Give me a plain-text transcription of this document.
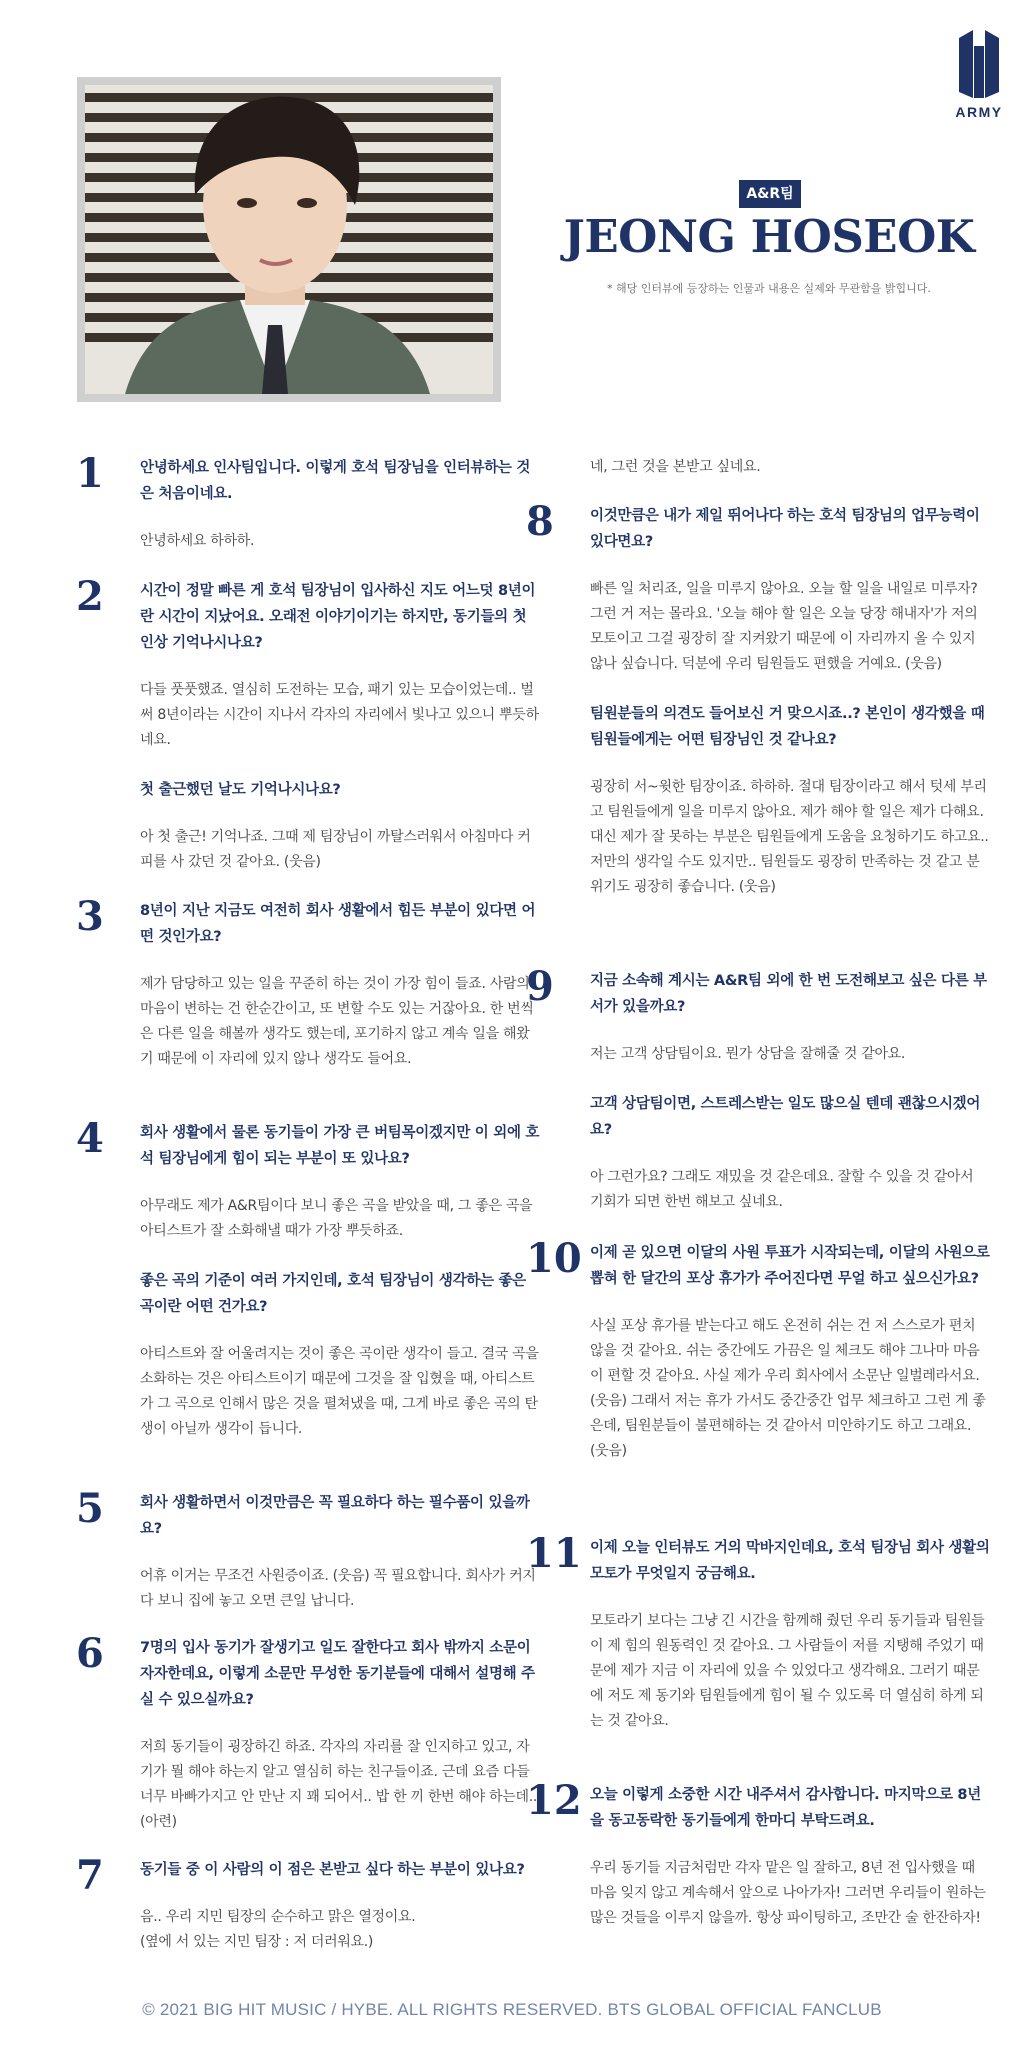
ARMY
A&R팀
JEONG HOSEOK
* 해당 인터뷰에 등장하는 인물과 내용은 실제와 무관함을 밝힙니다.
1	안녕하세요 인사팀입니다. 이렇게 호석 팀장님을 인터뷰하는 것은 처음이네요.

안녕하세요 하하하.

2	시간이 정말 빠른 게 호석 팀장님이 입사하신 지도 어느덧 8년이란 시간이 지났어요. 오래전 이야기이기는 하지만, 동기들의 첫인상 기억나시나요?

다들 풋풋했죠. 열심히 도전하는 모습, 패기 있는 모습이었는데.. 벌써 8년이라는 시간이 지나서 각자의 자리에서 빛나고 있으니 뿌듯하네요.

첫 출근했던 날도 기억나시나요?

아 첫 출근! 기억나죠. 그때 제 팀장님이 까탈스러워서 아침마다 커피를 사 갔던 것 같아요. (웃음)

3	8년이 지난 지금도 여전히 회사 생활에서 힘든 부분이 있다면 어떤 것인가요?

제가 담당하고 있는 일을 꾸준히 하는 것이 가장 힘이 들죠. 사람의 마음이 변하는 건 한순간이고, 또 변할 수도 있는 거잖아요. 한 번씩은 다른 일을 해볼까 생각도 했는데, 포기하지 않고 계속 일을 해왔기 때문에 이 자리에 있지 않나 생각도 들어요.

4	회사 생활에서 물론 동기들이 가장 큰 버팀목이겠지만 이 외에 호석 팀장님에게 힘이 되는 부분이 또 있나요?

아무래도 제가 A&R팀이다 보니 좋은 곡을 받았을 때, 그 좋은 곡을 아티스트가 잘 소화해낼 때가 가장 뿌듯하죠.

좋은 곡의 기준이 여러 가지인데, 호석 팀장님이 생각하는 좋은 곡이란 어떤 건가요?

아티스트와 잘 어울려지는 것이 좋은 곡이란 생각이 들고. 결국 곡을 소화하는 것은 아티스트이기 때문에 그것을 잘 입혔을 때, 아티스트가 그 곡으로 인해서 많은 것을 펼쳐냈을 때, 그게 바로 좋은 곡의 탄생이 아닐까 생각이 듭니다.

5	회사 생활하면서 이것만큼은 꼭 필요하다 하는 필수품이 있을까요?

어휴 이거는 무조건 사원증이죠. (웃음) 꼭 필요합니다. 회사가 커지다 보니 집에 놓고 오면 큰일 납니다.

6	7명의 입사 동기가 잘생기고 일도 잘한다고 회사 밖까지 소문이 자자한데요, 이렇게 소문만 무성한 동기분들에 대해서 설명해 주실 수 있으실까요?

저희 동기들이 굉장하긴 하죠. 각자의 자리를 잘 인지하고 있고, 자기가 뭘 해야 하는지 알고 열심히 하는 친구들이죠. 근데 요즘 다들 너무 바빠가지고 안 만난 지 꽤 되어서.. 밥 한 끼 한번 해야 하는데.. (아련)

7	동기들 중 이 사람의 이 점은 본받고 싶다 하는 부분이 있나요?

음.. 우리 지민 팀장의 순수하고 맑은 열정이요.

(옆에 서 있는 지민 팀장 : 저 더러워요.)

네, 그런 것을 본받고 싶네요.

8	이것만큼은 내가 제일 뛰어나다 하는 호석 팀장님의 업무능력이 있다면요?

빠른 일 처리죠, 일을 미루지 않아요. 오늘 할 일을 내일로 미루자? 그런 거 저는 몰라요. '오늘 해야 할 일은 오늘 당장 해내자'가 저의 모토이고 그걸 굉장히 잘 지켜왔기 때문에 이 자리까지 올 수 있지 않나 싶습니다. 덕분에 우리 팀원들도 편했을 거예요. (웃음)

팀원분들의 의견도 들어보신 거 맞으시죠..? 본인이 생각했을 때 팀원들에게는 어떤 팀장님인 것 같나요?

굉장히 서~윗한 팀장이죠. 하하하. 절대 팀장이라고 해서 텃세 부리고 팀원들에게 일을 미루지 않아요. 제가 해야 할 일은 제가 다해요. 대신 제가 잘 못하는 부분은 팀원들에게 도움을 요청하기도 하고요.. 저만의 생각일 수도 있지만.. 팀원들도 굉장히 만족하는 것 같고 분위기도 굉장히 좋습니다. (웃음)

9	지금 소속해 계시는 A&R팀 외에 한 번 도전해보고 싶은 다른 부서가 있을까요?

저는 고객 상담팀이요. 뭔가 상담을 잘해줄 것 같아요.

고객 상담팀이면, 스트레스받는 일도 많으실 텐데 괜찮으시겠어요?

아 그런가요? 그래도 재밌을 것 같은데요. 잘할 수 있을 것 같아서 기회가 되면 한번 해보고 싶네요.

10 이제 곧 있으면 이달의 사원 투표가 시작되는데, 이달의 사원으로 뽑혀 한 달간의 포상 휴가가 주어진다면 무얼 하고 싶으신가요?

사실 포상 휴가를 받는다고 해도 온전히 쉬는 건 저 스스로가 편치 않을 것 같아요. 쉬는 중간에도 가끔은 일 체크도 해야 그나마 마음이 편할 것 같아요. 사실 제가 우리 회사에서 소문난 일벌레라서요. (웃음) 그래서 저는 휴가 가서도 중간중간 업무 체크하고 그런 게 좋은데, 팀원분들이 불편해하는 것 같아서 미안하기도 하고 그래요. (웃음)

11 이제 오늘 인터뷰도 거의 막바지인데요, 호석 팀장님 회사 생활의 모토가 무엇일지 궁금해요.

모토라기 보다는 그냥 긴 시간을 함께해 줬던 우리 동기들과 팀원들이 제 힘의 원동력인 것 같아요. 그 사람들이 저를 지탱해 주었기 때문에 제가 지금 이 자리에 있을 수 있었다고 생각해요. 그러기 때문에 저도 제 동기와 팀원들에게 힘이 될 수 있도록 더 열심히 하게 되는 것 같아요.

12 오늘 이렇게 소중한 시간 내주셔서 감사합니다. 마지막으로 8년을 동고동락한 동기들에게 한마디 부탁드려요.

우리 동기들 지금처럼만 각자 맡은 일 잘하고, 8년 전 입사했을 때 마음 잊지 않고 계속해서 앞으로 나아가자! 그러면 우리들이 원하는 많은 것들을 이루지 않을까. 항상 파이팅하고, 조만간 술 한잔하자!

© 2021 BIG HIT MUSIC / HYBE. ALL RIGHTS RESERVED. BTS GLOBAL OFFICIAL FANCLUB
